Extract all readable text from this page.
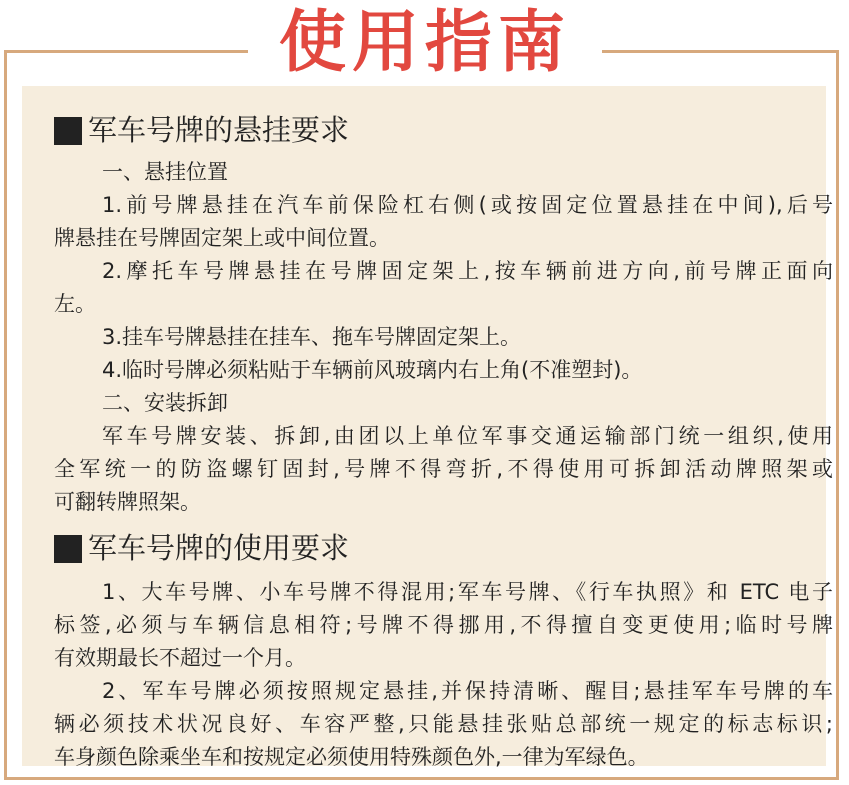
使用指南
军车号牌的悬挂要求
一、悬挂位置
1.前号牌悬挂在汽车前保险杠右侧(或按固定位置悬挂在中间),后号
牌悬挂在号牌固定架上或中间位置。
2.摩托车号牌悬挂在号牌固定架上,按车辆前进方向,前号牌正面向
左。
3.挂车号牌悬挂在挂车、拖车号牌固定架上。
4.临时号牌必须粘贴于车辆前风玻璃内右上角(不准塑封)。
二、安装拆卸
军车号牌安装、拆卸,由团以上单位军事交通运输部门统一组织,使用
全军统一的防盗螺钉固封,号牌不得弯折,不得使用可拆卸活动牌照架或
可翻转牌照架。
军车号牌的使用要求
1、大车号牌、小车号牌不得混用;军车号牌、《行车执照》和 ETC 电子
标签,必须与车辆信息相符;号牌不得挪用,不得擅自变更使用;临时号牌
有效期最长不超过一个月。
2、军车号牌必须按照规定悬挂,并保持清晰、醒目;悬挂军车号牌的车
辆必须技术状况良好、车容严整,只能悬挂张贴总部统一规定的标志标识;
车身颜色除乘坐车和按规定必须使用特殊颜色外,一律为军绿色。
